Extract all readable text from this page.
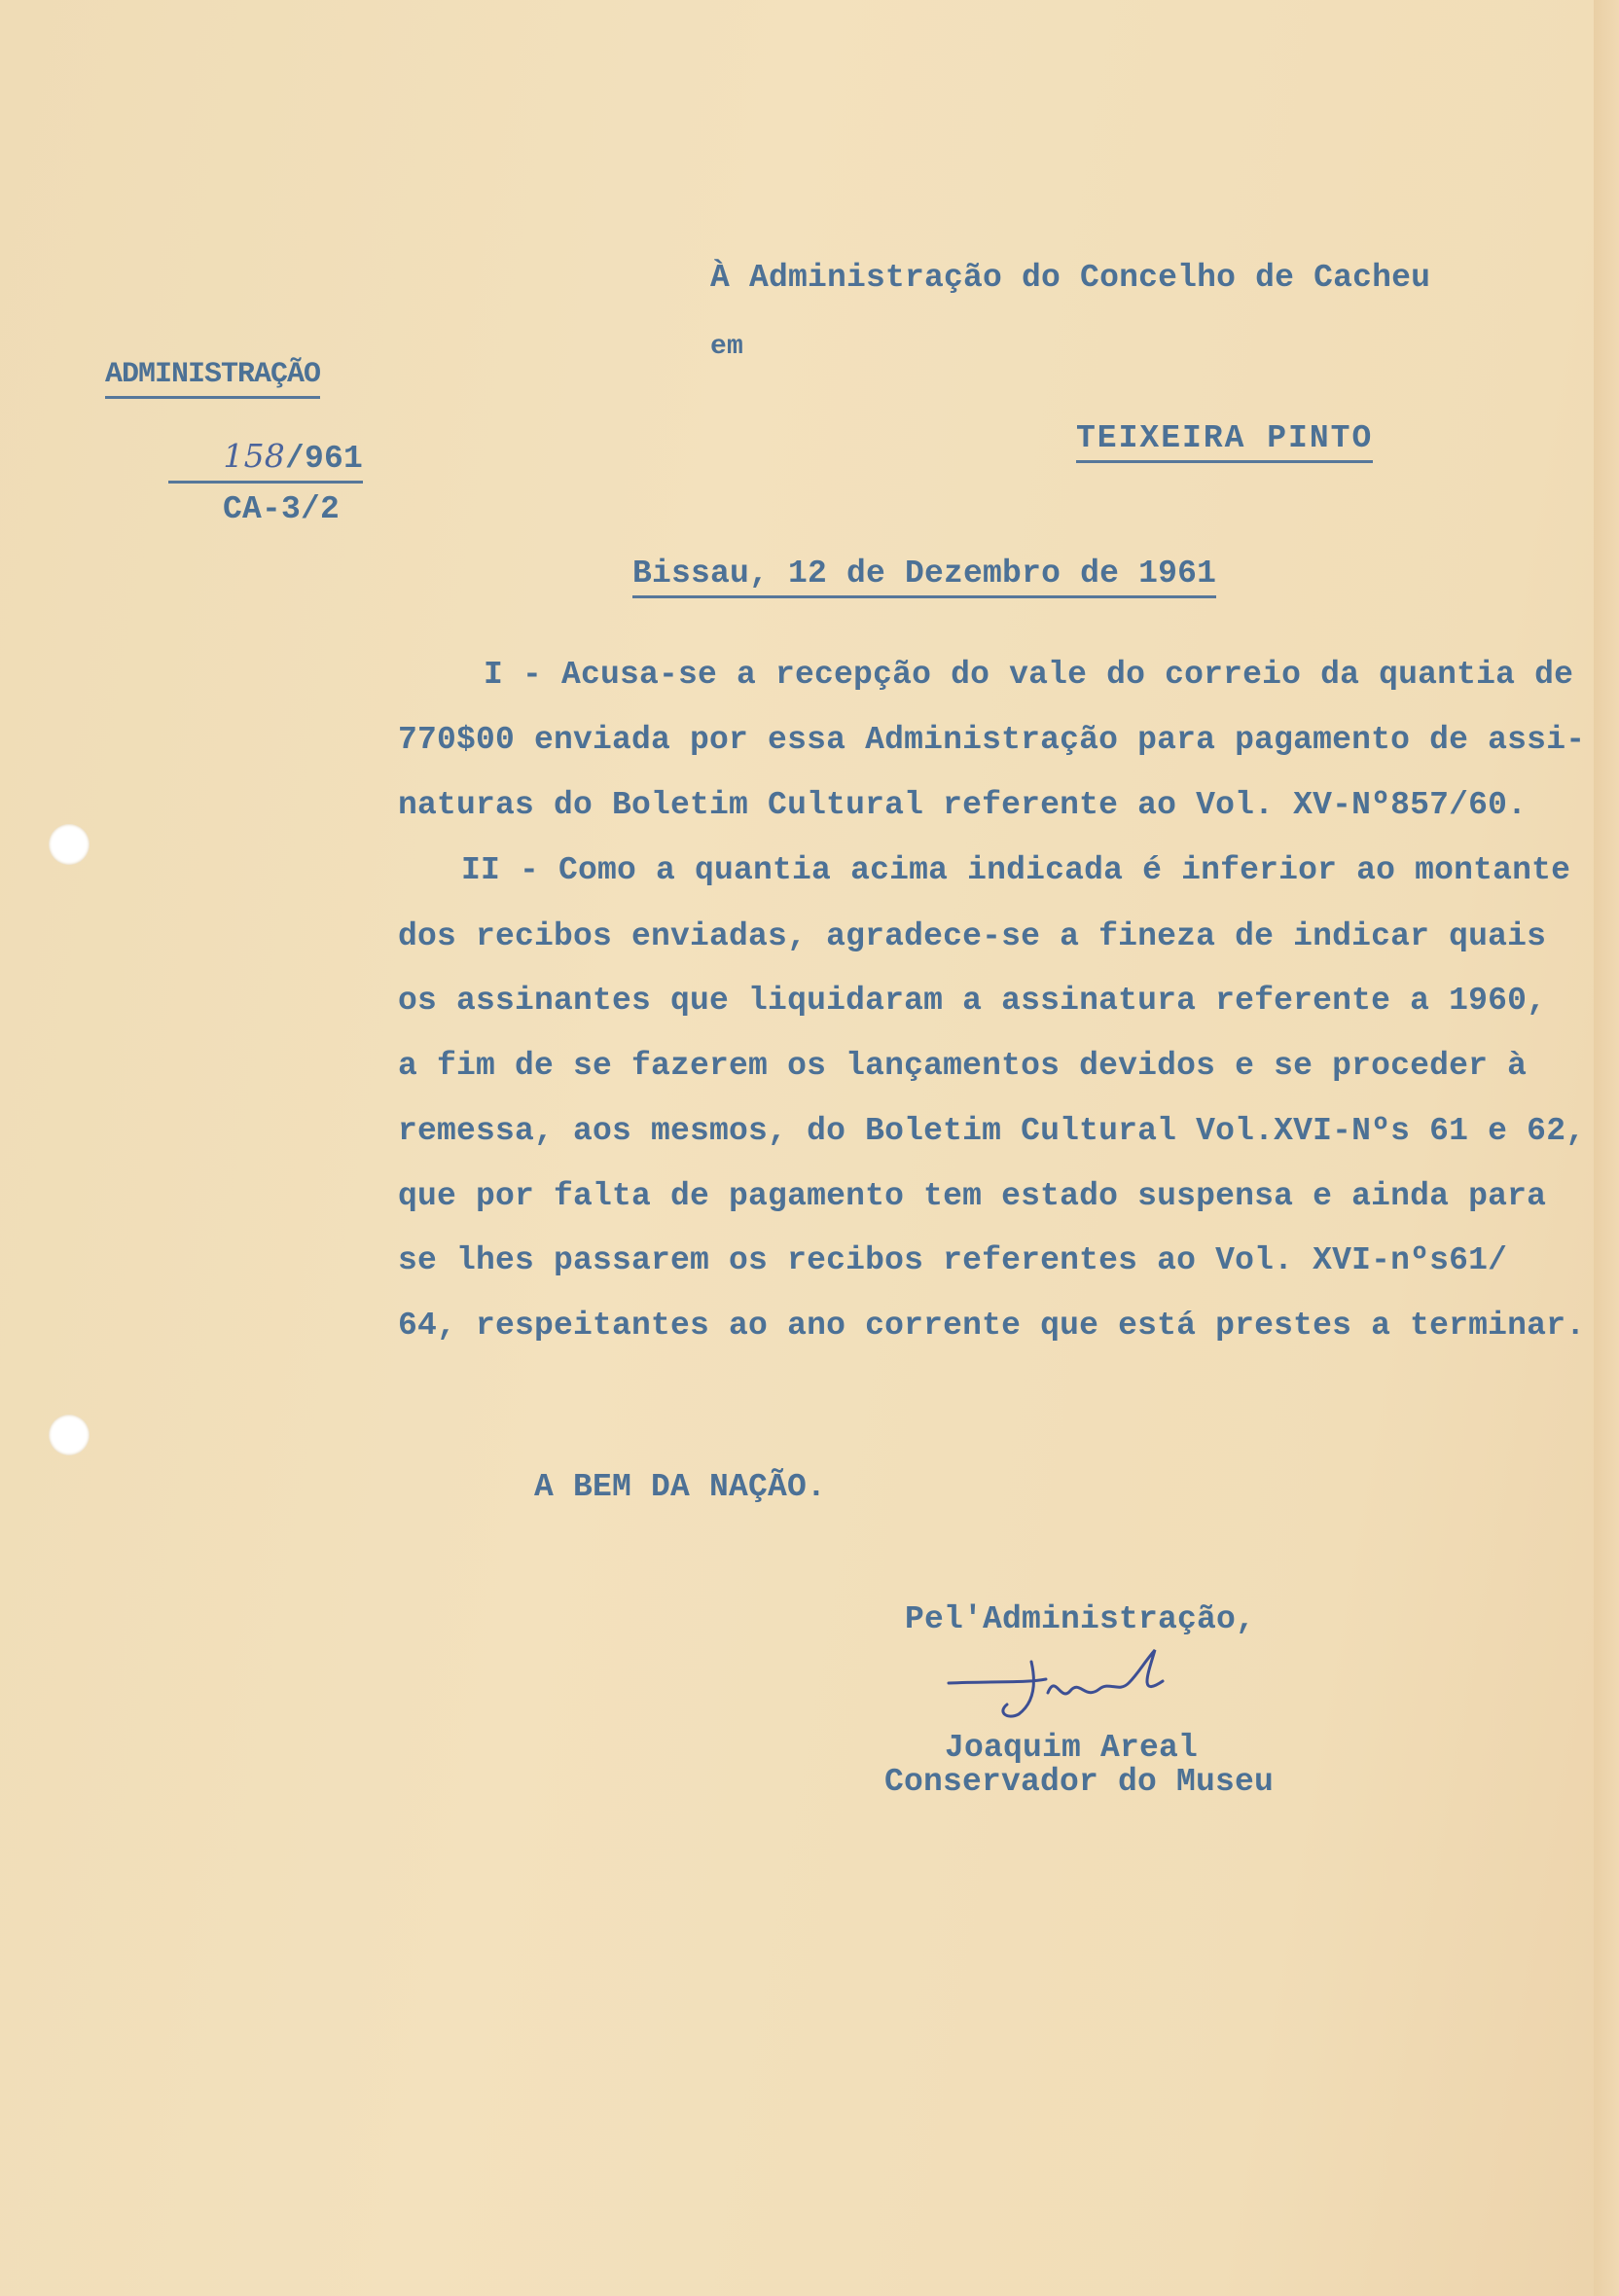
À Administração do Concelho de Cacheu
em
TEIXEIRA PINTO
ADMINISTRAÇÃO
158/961
CA-3/2
Bissau, 12 de Dezembro de 1961
I - Acusa-se a recepção do vale do correio da quantia de
770$00 enviada por essa Administração para pagamento de assi-
naturas do Boletim Cultural referente ao Vol. XV-Nº857/60.
II - Como a quantia acima indicada é inferior ao montante
dos recibos enviadas, agradece-se a fineza de indicar quais
os assinantes que liquidaram a assinatura referente a 1960,
a fim de se fazerem os lançamentos devidos e se proceder à
remessa, aos mesmos, do Boletim Cultural Vol.XVI-Nºs 61 e 62,
que por falta de pagamento tem estado suspensa e ainda para
se lhes passarem os recibos referentes ao Vol. XVI-nºs61/
64, respeitantes ao ano corrente que está prestes a terminar.
A BEM DA NAÇÃO.
Pel'Administração,
Joaquim Areal
Conservador do Museu
